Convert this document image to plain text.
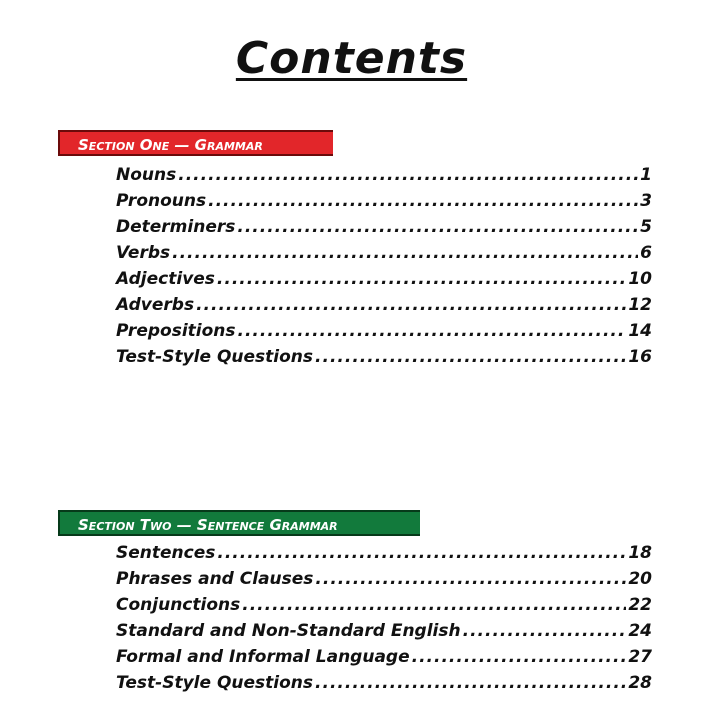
Contents
Section One — Grammar
Nouns .....	1
Pronouns .....	3
Determiners .....	5
Verbs .....	6
Adjectives .....	10
Adverbs .....	12
Prepositions .....	14
Test-Style Questions .....	16
Section Two — Sentence Grammar
Sentences .....	18
Phrases and Clauses .....	20
Conjunctions .....	22
Standard and Non-Standard English .....	24
Formal and Informal Language .....	27
Test-Style Questions .....	28
